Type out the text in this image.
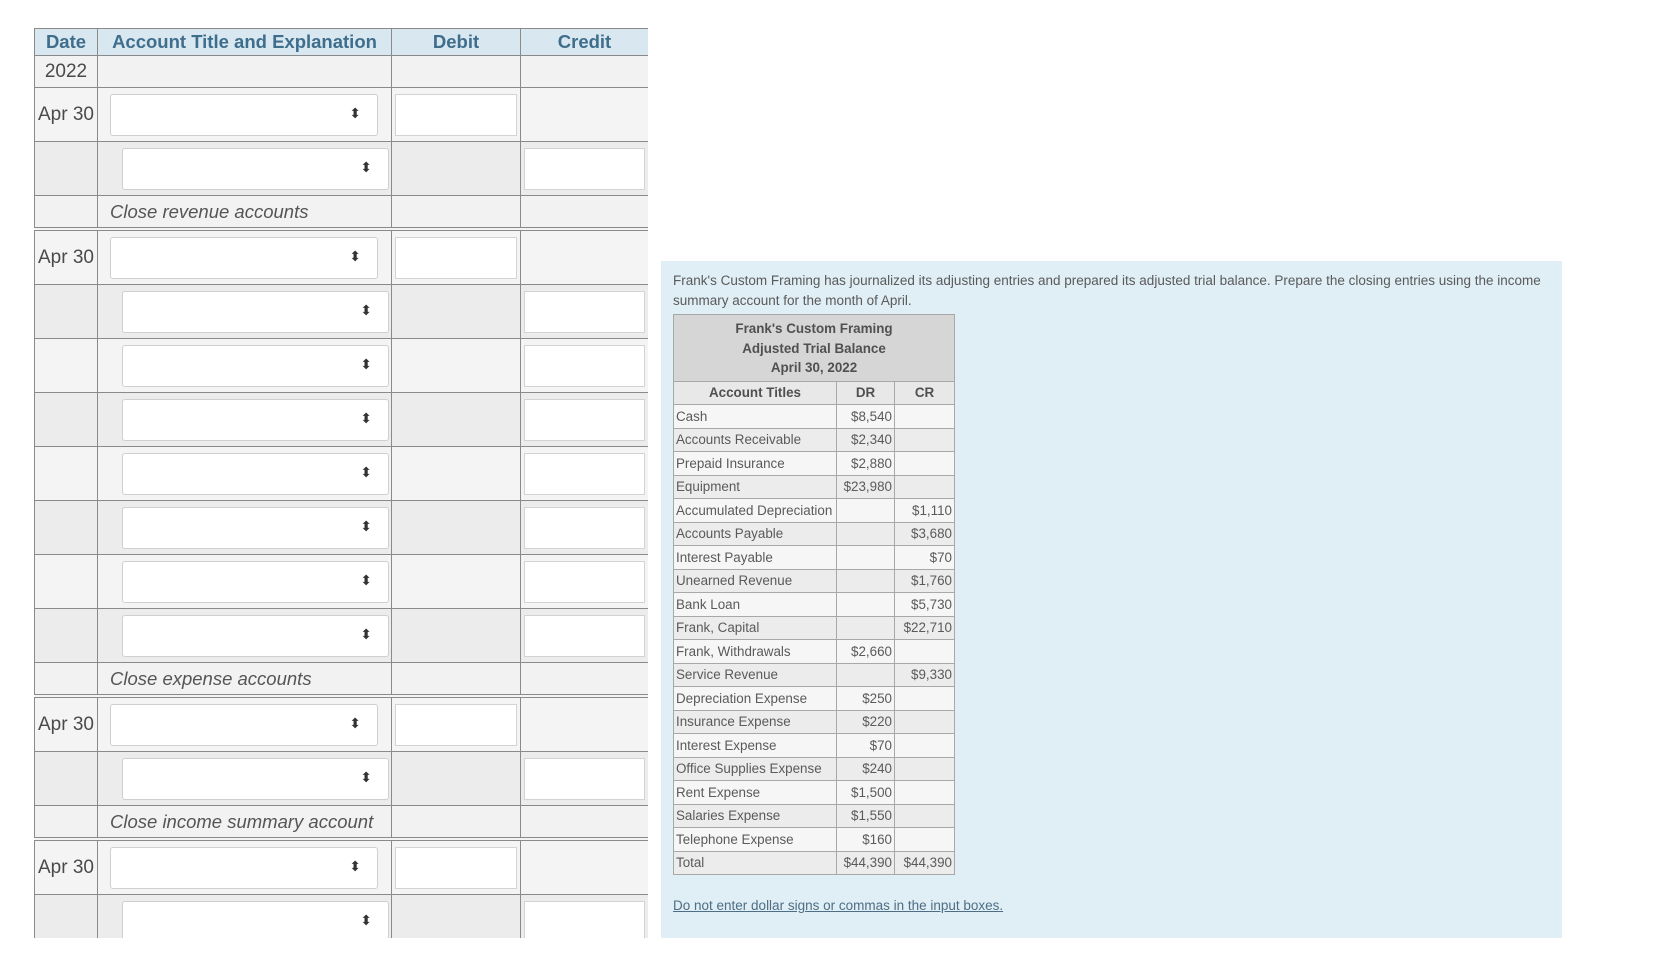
Date	Account Title and Explanation	Debit	Credit
2022			
Apr 30	⬍		

	⬍		

	Close revenue accounts		
Apr 30	⬍		

	⬍		

	⬍		

	⬍		

	⬍		

	⬍		

	⬍		

	⬍		

	Close expense accounts		
Apr 30	⬍		

	⬍		

	Close income summary account		
Apr 30	⬍		

	⬍		

Frank's Custom Framing has journalized its adjusting entries and prepared its adjusted trial balance. Prepare the closing entries using the income summary account for the month of April.
Frank's Custom Framing
Adjusted Trial Balance
April 30, 2022		

Account Titles	DR	CR
Cash	$8,540	
Accounts Receivable	$2,340	
Prepaid Insurance	$2,880	
Equipment	$23,980	
Accumulated Depreciation		$1,110
Accounts Payable		$3,680
Interest Payable		$70
Unearned Revenue		$1,760
Bank Loan		$5,730
Frank, Capital		$22,710
Frank, Withdrawals	$2,660	
Service Revenue		$9,330
Depreciation Expense	$250	
Insurance Expense	$220	
Interest Expense	$70	
Office Supplies Expense	$240	
Rent Expense	$1,500	
Salaries Expense	$1,550	
Telephone Expense	$160	
Total	$44,390	$44,390
Do not enter dollar signs or commas in the input boxes.
